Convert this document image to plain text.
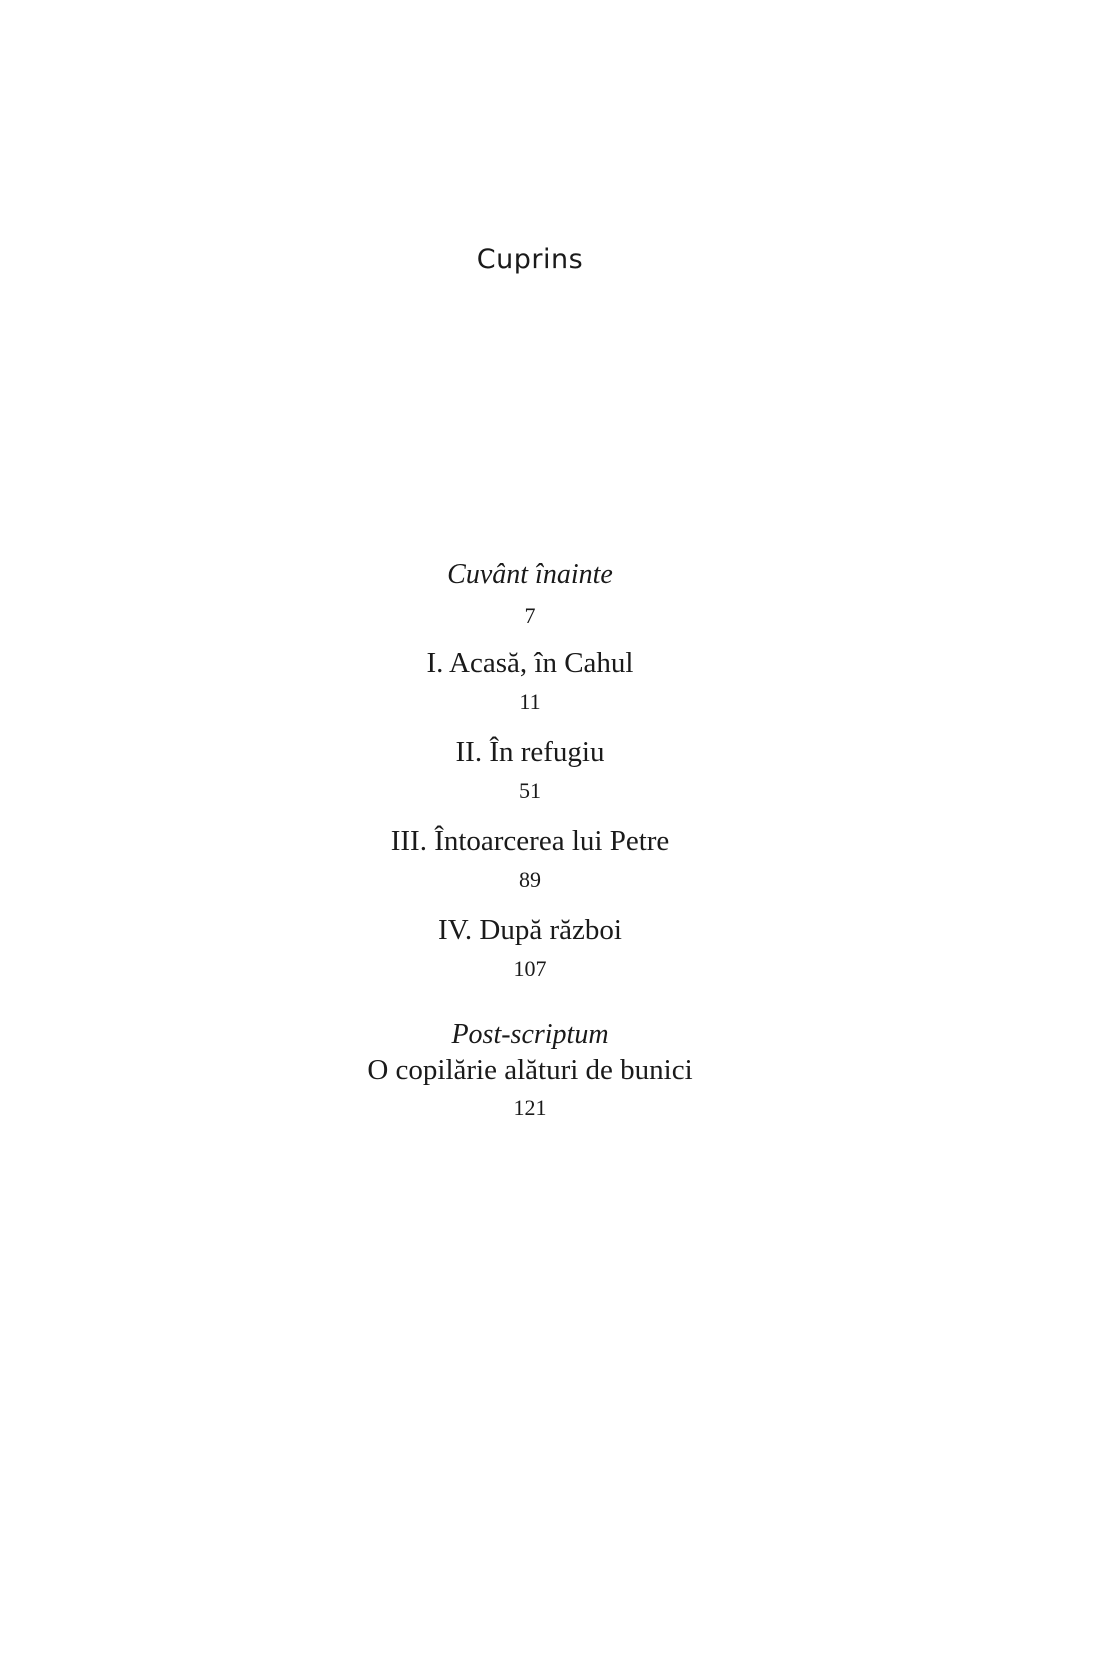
Cuprins
Cuvânt înainte
7
I. Acasă, în Cahul
11
II. În refugiu
51
III. Întoarcerea lui Petre
89
IV. După război
107
Post-scriptum
O copilărie alături de bunici
121
